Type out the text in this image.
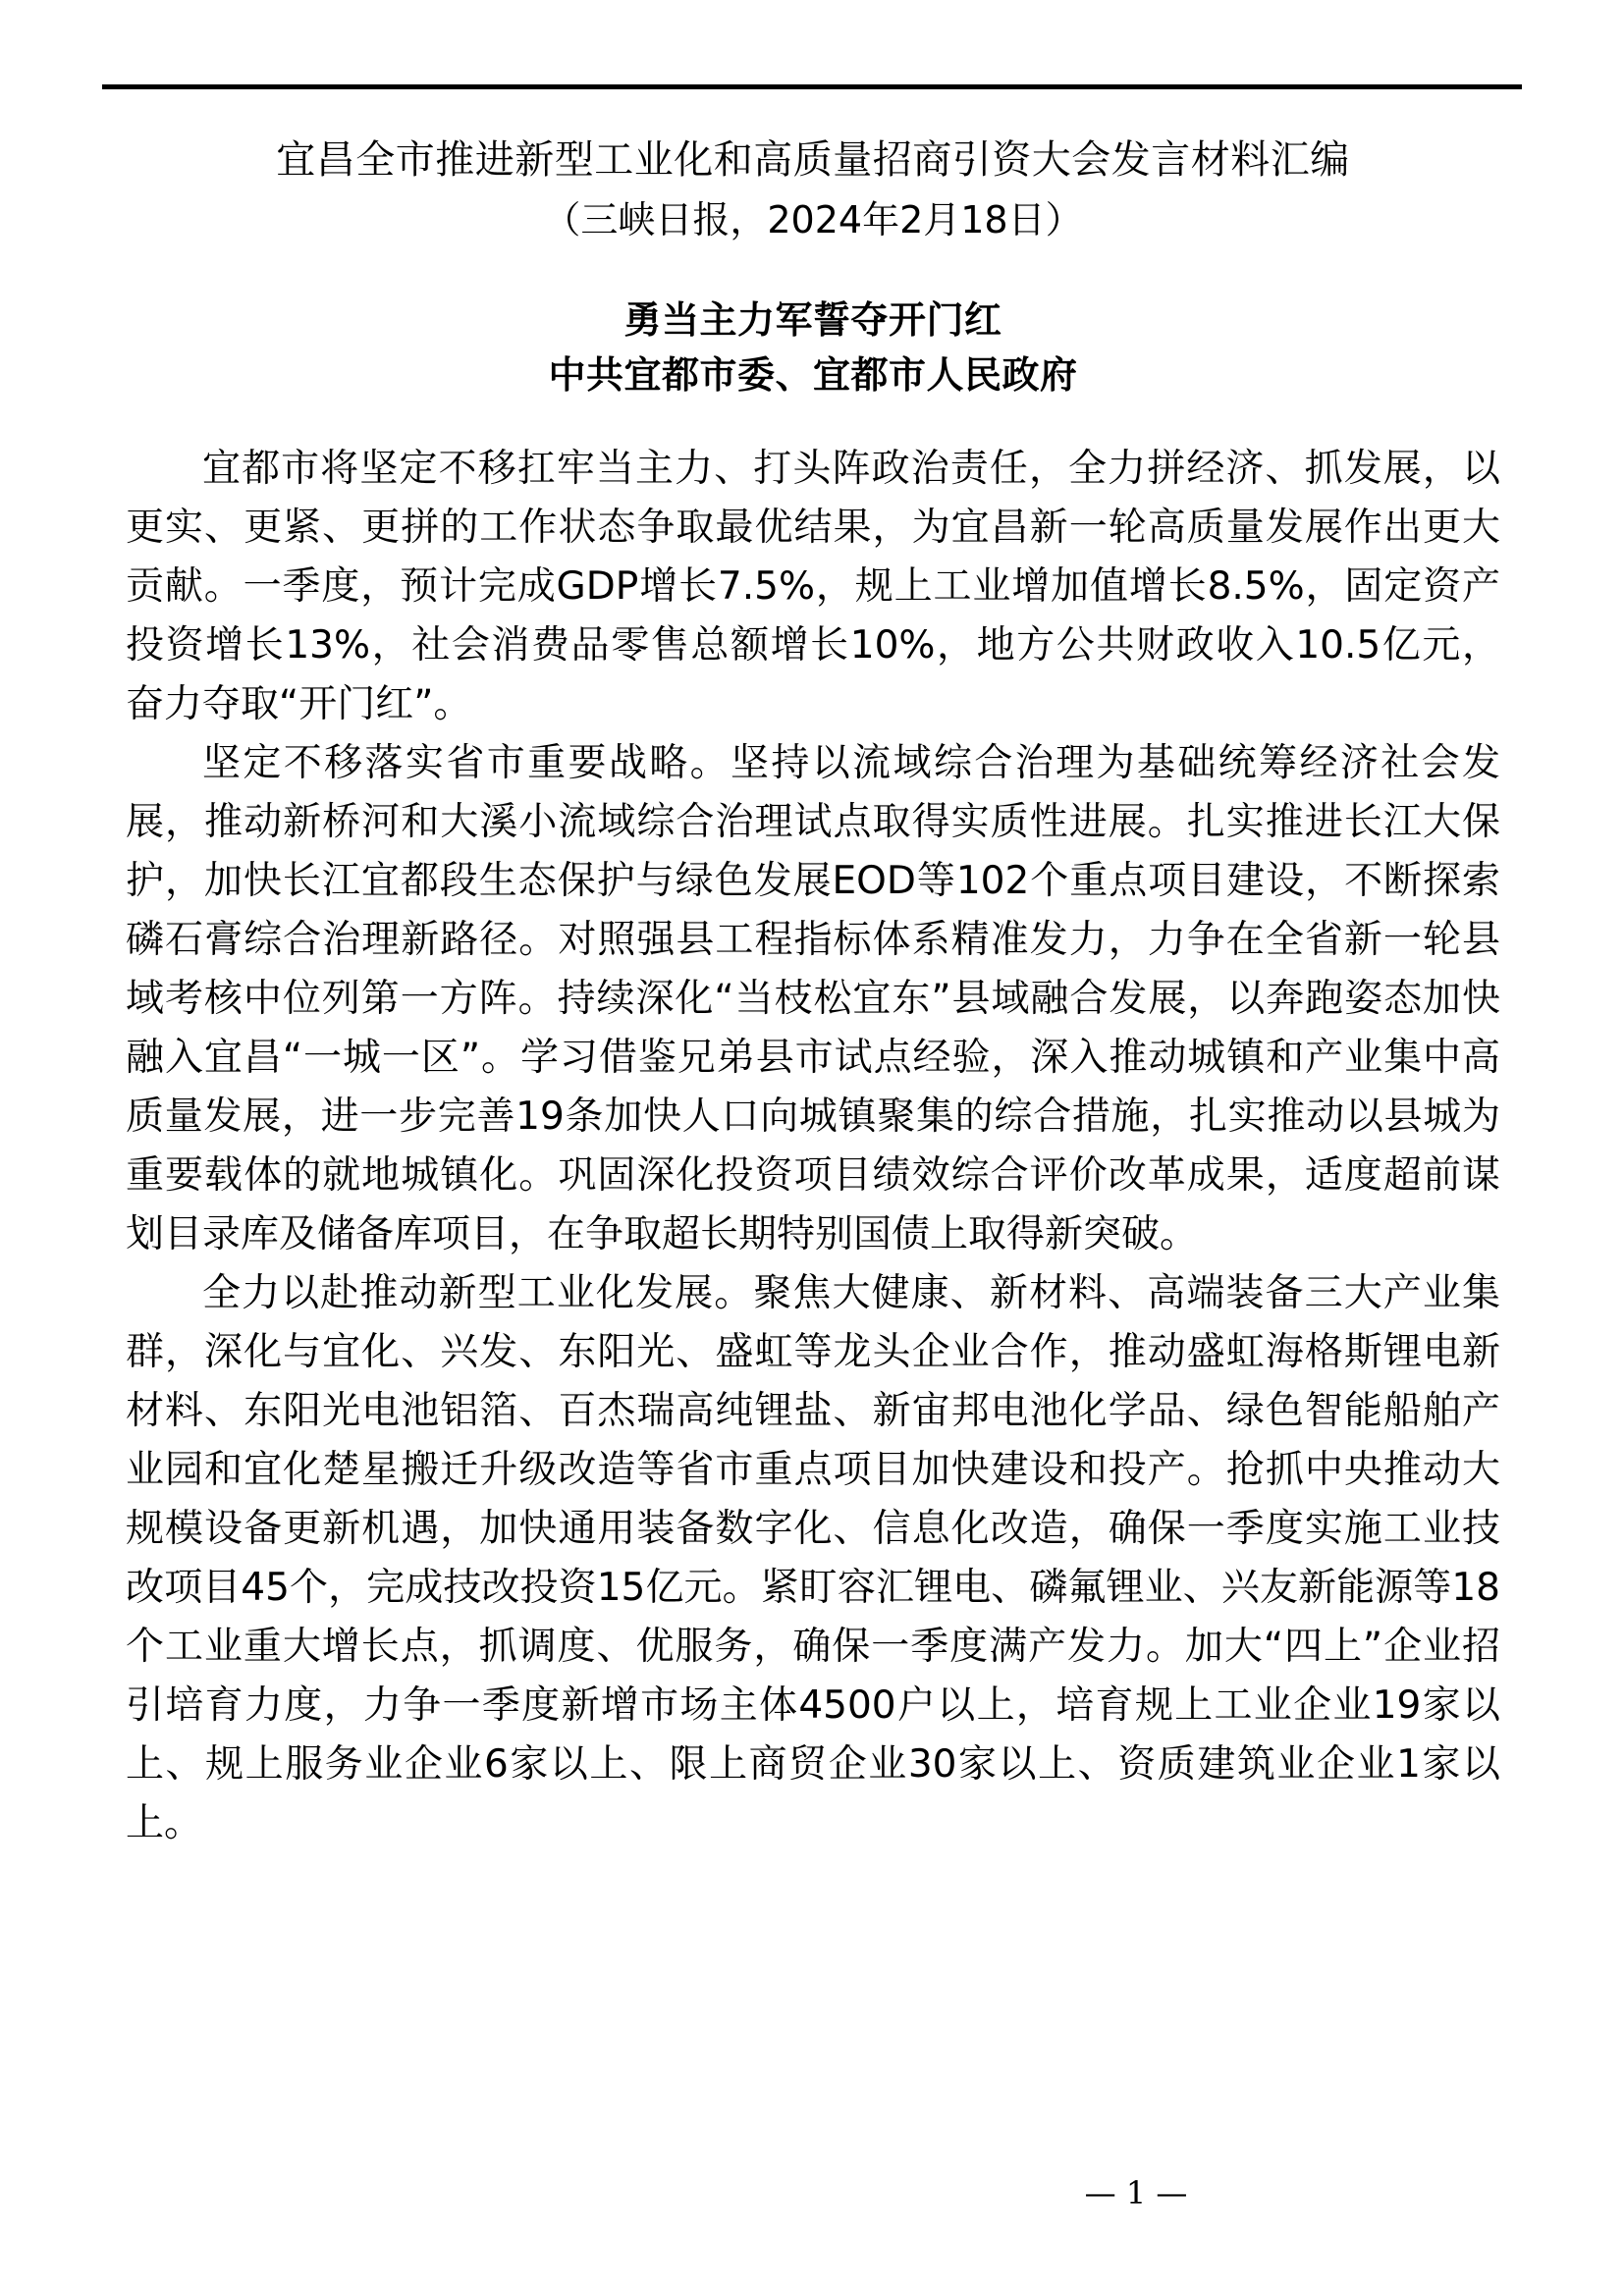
宜昌全市推进新型工业化和高质量招商引资大会发言材料汇编
（三峡日报，2024年2月18日）
勇当主力军誓夺开门红
中共宜都市委、宜都市人民政府

宜都市将坚定不移扛牢当主力、打头阵政治责任，全力拼经济、抓发展，以更实、更紧、更拼的工作状态争取最优结果，为宜昌新一轮高质量发展作出更大贡献。一季度，预计完成GDP增长7.5%，规上工业增加值增长8.5%，固定资产投资增长13%，社会消费品零售总额增长10%，地方公共财政收入10.5亿元， 奋力夺取“开门红”。

坚定不移落实省市重要战略。坚持以流域综合治理为基础统筹经济社会发展，推动新桥河和大溪小流域综合治理试点取得实质性进展。扎实推进长江大保护，加快长江宜都段生态保护与绿色发展EOD等102个重点项目建设，不断探索磷石膏综合治理新路径。对照强县工程指标体系精准发力，力争在全省新一轮县域考核中位列第一方阵。持续深化“当枝松宜东”县域融合发展，以奔跑姿态加快融入宜昌“一城一区”。学习借鉴兄弟县市试点经验，深入推动城镇和产业集中高质量发展，进一步完善19条加快人口向城镇聚集的综合措施，扎实推动以县城为重要载体的就地城镇化。巩固深化投资项目绩效综合评价改革成果，适度超前谋划目录库及储备库项目，在争取超长期特别国债上取得新突破。

全力以赴推动新型工业化发展。聚焦大健康、新材料、高端装备三大产业集群，深化与宜化、兴发、东阳光、盛虹等龙头企业合作，推动盛虹海格斯锂电新材料、东阳光电池铝箔、百杰瑞高纯锂盐、新宙邦电池化学品、绿色智能船舶产业园和宜化楚星搬迁升级改造等省市重点项目加快建设和投产。抢抓中央推动大规模设备更新机遇，加快通用装备数字化、信息化改造，确保一季度实施工业技改项目45个，完成技改投资15亿元。紧盯容汇锂电、磷氟锂业、兴友新能源等18个工业重大增长点，抓调度、优服务，确保一季度满产发力。加大“四上”企业招引培育力度，力争一季度新增市场主体4500户以上，培育规上工业企业19家以上、规上服务业企业6家以上、限上商贸企业30家以上、资质建筑业企业1家以上。

— 1 —
